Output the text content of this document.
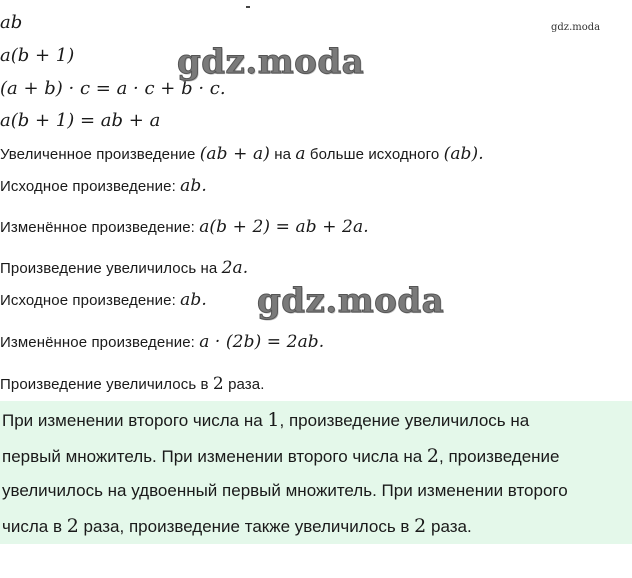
gdz.moda
ab
a(b + 1)
(a + b) · c = a · c + b · c.
a(b + 1) = ab + a
gdz.moda
Увеличенное произведение (ab + a) на a больше исходного (ab).
Исходное произведение: ab.
Изменённое произведение: a(b + 2) = ab + 2a.
Произведение увеличилось на 2a.
Исходное произведение: ab. gdz.moda
Изменённое произведение: a · (2b) = 2ab.
Произведение увеличилось в 2 раза.
При изменении второго числа на 1, произведение увеличилось на
первый множитель. При изменении второго числа на 2, произведение
увеличилось на удвоенный первый множитель. При изменении второго
числа в 2 раза, произведение также увеличилось в 2 раза.
